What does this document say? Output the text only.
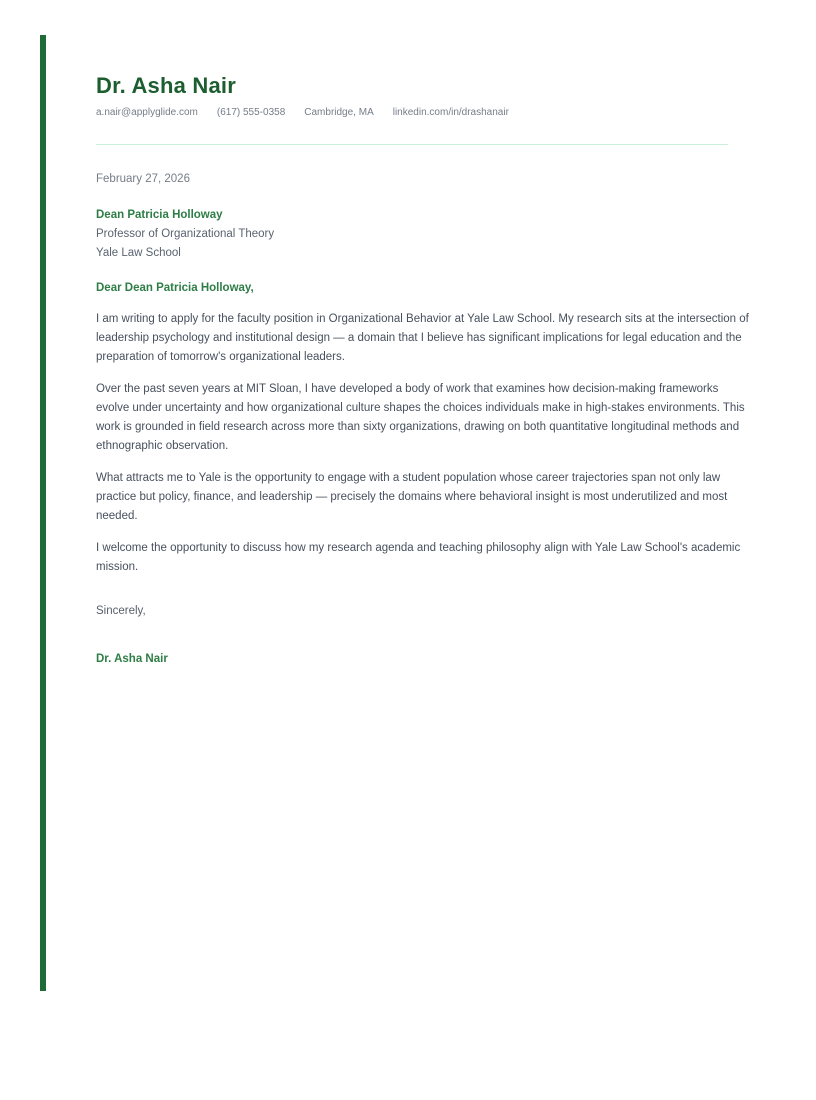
Dr. Asha Nair
a.nair@applyglide.com (617) 555-0358 Cambridge, MA linkedin.com/in/drashanair
February 27, 2026
Dean Patricia Holloway
Professor of Organizational Theory
Yale Law School
Dear Dean Patricia Holloway,

I am writing to apply for the faculty position in Organizational Behavior at Yale Law School. My research sits at the intersection of leadership psychology and institutional design — a domain that I believe has significant implications for legal education and the preparation of tomorrow's organizational leaders.

Over the past seven years at MIT Sloan, I have developed a body of work that examines how decision-making frameworks evolve under uncertainty and how organizational culture shapes the choices individuals make in high-stakes environments. This work is grounded in field research across more than sixty organizations, drawing on both quantitative longitudinal methods and ethnographic observation.

What attracts me to Yale is the opportunity to engage with a student population whose career trajectories span not only law practice but policy, finance, and leadership — precisely the domains where behavioral insight is most underutilized and most needed.

I welcome the opportunity to discuss how my research agenda and teaching philosophy align with Yale Law School's academic mission.

Sincerely,
Dr. Asha Nair
